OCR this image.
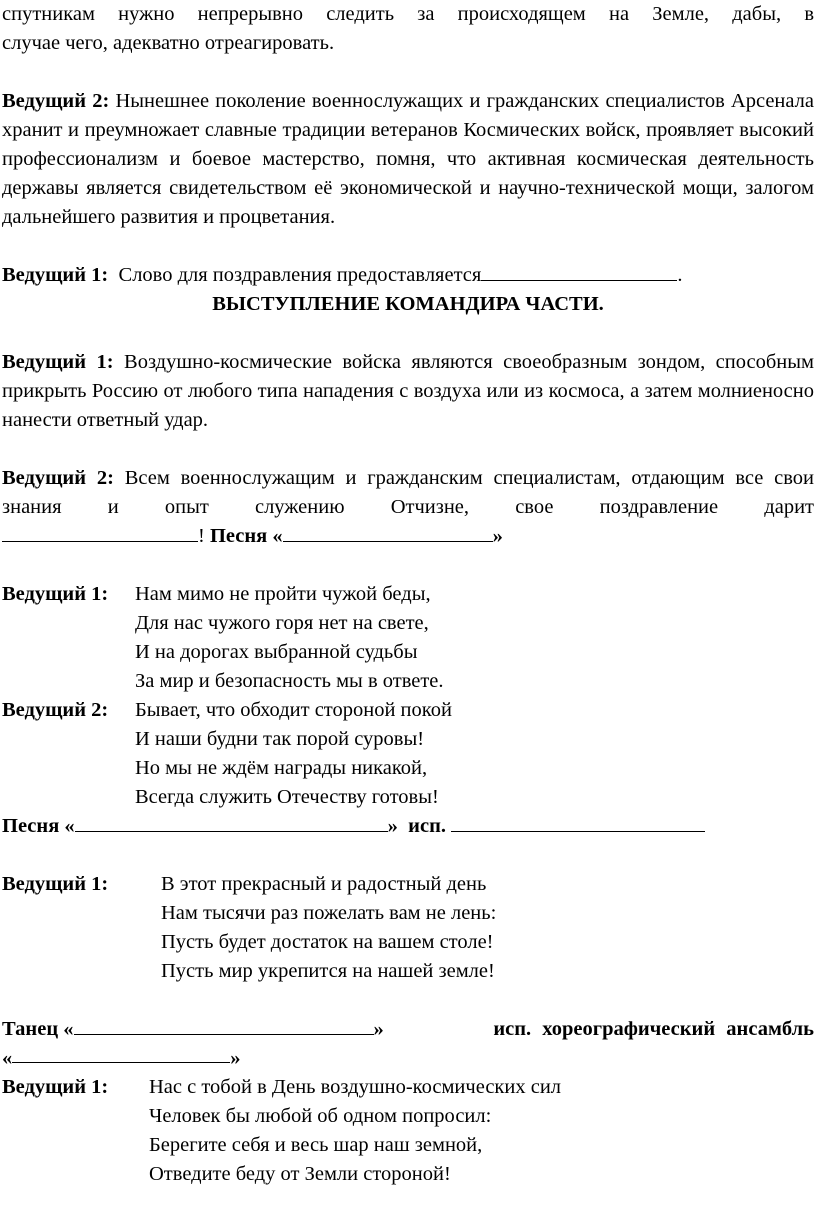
спутникам нужно непрерывно следить за происходящем на Земле, дабы, в

случае чего, адекватно отреагировать.

Ведущий 2: Нынешнее поколение военнослужащих и гражданских специалистов Арсенала хранит и преумножает славные традиции ветеранов Космических войск, проявляет высокий профессионализм и боевое мастерство, помня, что активная космическая деятельность державы является свидетельством её экономической и научно-технической мощи, залогом дальнейшего развития и процветания.

Ведущий 1: Слово для поздравления предоставляется	.

ВЫСТУПЛЕНИЕ КОМАНДИРА ЧАСТИ.

Ведущий 1: Воздушно-космические войска являются своеобразным зондом, способным прикрыть Россию от любого типа нападения с воздуха или из космоса, а затем молниеносно нанести ответный удар.

Ведущий 2: Всем военнослужащим и гражданским специалистам, отдающим все свои знания и опыт служению Отчизне, свое поздравление дарит

! Песня «	»

Ведущий 1:	Нам мимо не пройти чужой беды,
Для нас чужого горя нет на свете,
И на дорогах выбранной судьбы
За мир и безопасность мы в ответе.
Ведущий 2:	Бывает, что обходит стороной покой
И наши будни так порой суровы!
Но мы не ждём награды никакой,
Всегда служить Отечеству готовы!

Песня «	» исп.

Ведущий 1:	В этот прекрасный и радостный день
Нам тысячи раз пожелать вам не лень:
Пусть будет достаток на вашем столе!
Пусть мир укрепится на нашей земле!
Танец «	»	исп. хореографический ансамбль
«	»
Ведущий 1:	Нас с тобой в День воздушно-космических сил
Человек бы любой об одном попросил:
Берегите себя и весь шар наш земной,
Отведите беду от Земли стороной!
